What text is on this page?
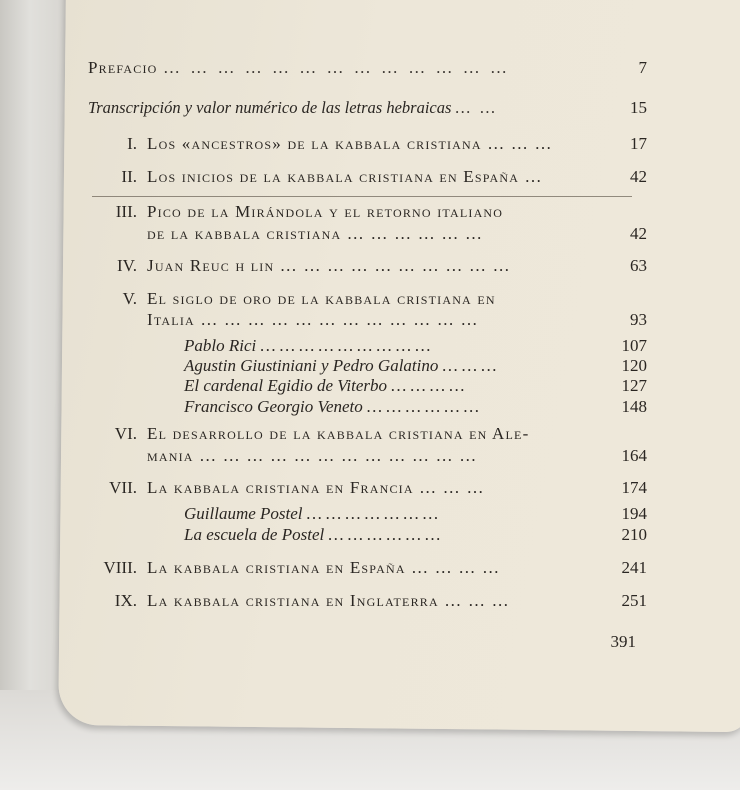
Prefacio … … … … … … … … … … … … …	7
Transcripción y valor numérico de las letras hebraicas … …	15
I. Los «ancestros» de la kabbala cristiana … … …	17
II. Los inicios de la kabbala cristiana en España …	42
III. Pico de la Mirándola y el retorno italiano
de la kabbala cristiana … … … … … …	42
IV. Juan Reuc h lin … … … … … … … … … …	63
V. El siglo de oro de la kabbala cristiana en
Italia … … … … … … … … … … … …	93
Pablo Rici … … … … … … … … …	107
Agustin Giustiniani y Pedro Galatino … … …	120
El cardenal Egidio de Viterbo … … … …	127
Francisco Georgio Veneto … … … … … …	148
VI. El desarrollo de la kabbala cristiana en Ale-
mania … … … … … … … … … … … …	164
VII. La kabbala cristiana en Francia … … …	174
Guillaume Postel … … … … … … …	194
La escuela de Postel … … … … … …	210
VIII. La kabbala cristiana en España … … … …	241
IX. La kabbala cristiana en Inglaterra … … …	251
391
